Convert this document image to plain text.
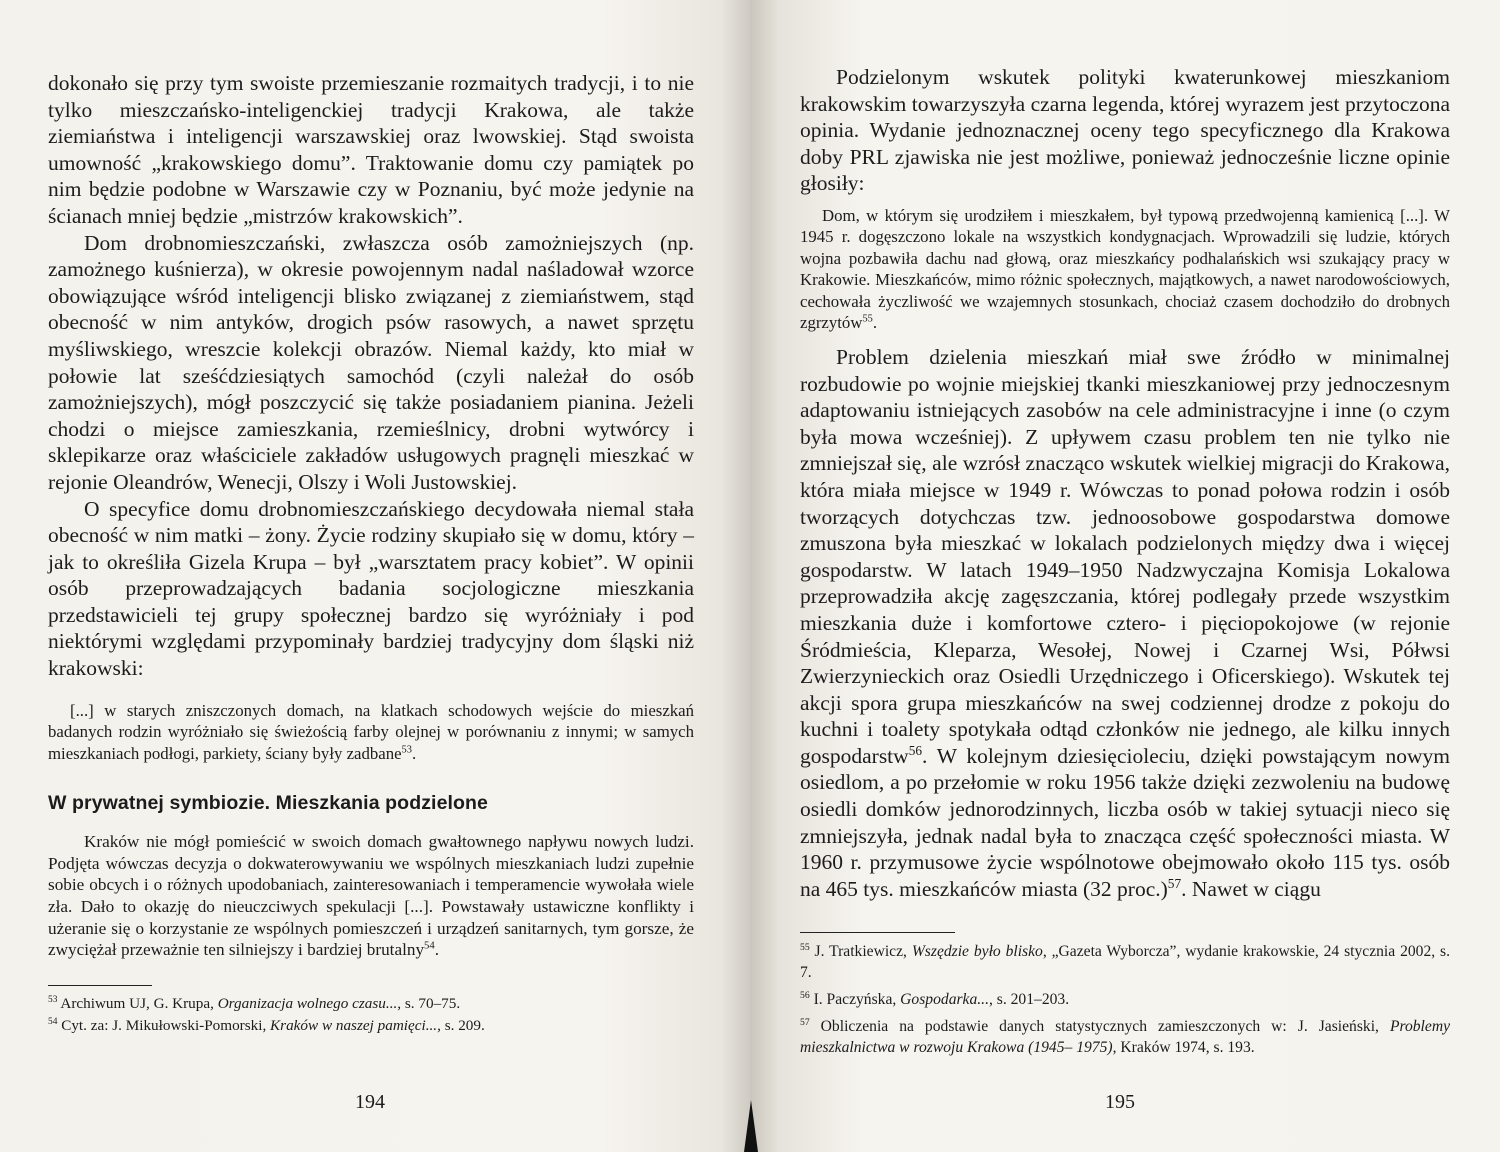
dokonało się przy tym swoiste przemieszanie rozmaitych tradycji, i to nie tylko mieszczańsko-inteligenckiej tradycji Krakowa, ale także ziemiaństwa i inteligencji warszawskiej oraz lwowskiej. Stąd swoista umowność „krakowskiego domu”. Traktowanie domu czy pamiątek po nim będzie podobne w Warszawie czy w Poznaniu, być może jedynie na ścianach mniej będzie „mistrzów krakowskich”.

Dom drobnomieszczański, zwłaszcza osób zamożniejszych (np. zamożnego kuśnierza), w okresie powojennym nadal naśladował wzorce obowiązujące wśród inteligencji blisko związanej z ziemiaństwem, stąd obecność w nim antyków, drogich psów rasowych, a nawet sprzętu myśliwskiego, wreszcie kolekcji obrazów. Niemal każdy, kto miał w połowie lat sześćdziesiątych samochód (czyli należał do osób zamożniejszych), mógł poszczycić się także posiadaniem pianina. Jeżeli chodzi o miejsce zamieszkania, rzemieślnicy, drobni wytwórcy i sklepikarze oraz właściciele zakładów usługowych pragnęli mieszkać w rejonie Oleandrów, Wenecji, Olszy i Woli Justowskiej.

O specyfice domu drobnomieszczańskiego decydowała niemal stała obecność w nim matki – żony. Życie rodziny skupiało się w domu, który – jak to określiła Gizela Krupa – był „warsztatem pracy kobiet”. W opinii osób przeprowadzających badania socjologiczne mieszkania przedstawicieli tej grupy społecznej bardzo się wyróżniały i pod niektórymi względami przypominały bardziej tradycyjny dom śląski niż krakowski:

[...] w starych zniszczonych domach, na klatkach schodowych wejście do mieszkań badanych rodzin wyróżniało się świeżością farby olejnej w porównaniu z innymi; w samych mieszkaniach podłogi, parkiety, ściany były zadbane$^{53}$.

W prywatnej symbiozie. Mieszkania podzielone

Kraków nie mógł pomieścić w swoich domach gwałtownego napływu nowych ludzi. Podjęta wówczas decyzja o dokwaterowywaniu we wspólnych mieszkaniach ludzi zupełnie sobie obcych i o różnych upodobaniach, zainteresowaniach i temperamencie wywołała wiele zła. Dało to okazję do nieuczciwych spekulacji [...]. Powstawały ustawiczne konflikty i użeranie się o korzystanie ze wspólnych pomieszczeń i urządzeń sanitarnych, tym gorsze, że zwyciężał przeważnie ten silniejszy i bardziej brutalny$^{54}$.

$^{53}$ Archiwum UJ, G. Krupa, Organizacja wolnego czasu..., s. 70–75.

$^{54}$ Cyt. za: J. Mikułowski-Pomorski, Kraków w naszej pamięci..., s. 209.

194

Podzielonym wskutek polityki kwaterunkowej mieszkaniom krakowskim towarzyszyła czarna legenda, której wyrazem jest przytoczona opinia. Wydanie jednoznacznej oceny tego specyficznego dla Krakowa doby PRL zjawiska nie jest możliwe, ponieważ jednocześnie liczne opinie głosiły:

Dom, w którym się urodziłem i mieszkałem, był typową przedwojenną kamienicą [...]. W 1945 r. dogęszczono lokale na wszystkich kondygnacjach. Wprowadzili się ludzie, których wojna pozbawiła dachu nad głową, oraz mieszkańcy podhalańskich wsi szukający pracy w Krakowie. Mieszkańców, mimo różnic społecznych, majątkowych, a nawet narodowościowych, cechowała życzliwość we wzajemnych stosunkach, chociaż czasem dochodziło do drobnych zgrzytów$^{55}$.

Problem dzielenia mieszkań miał swe źródło w minimalnej rozbudowie po wojnie miejskiej tkanki mieszkaniowej przy jednoczesnym adaptowaniu istniejących zasobów na cele administracyjne i inne (o czym była mowa wcześniej). Z upływem czasu problem ten nie tylko nie zmniejszał się, ale wzrósł znacząco wskutek wielkiej migracji do Krakowa, która miała miejsce w 1949 r. Wówczas to ponad połowa rodzin i osób tworzących dotychczas tzw. jednoosobowe gospodarstwa domowe zmuszona była mieszkać w lokalach podzielonych między dwa i więcej gospodarstw. W latach 1949–1950 Nadzwyczajna Komisja Lokalowa przeprowadziła akcję zagęszczania, której podlegały przede wszystkim mieszkania duże i komfortowe cztero- i pięciopokojowe (w rejonie Śródmieścia, Kleparza, Wesołej, Nowej i Czarnej Wsi, Półwsi Zwierzynieckich oraz Osiedli Urzędniczego i Oficerskiego). Wskutek tej akcji spora grupa mieszkańców na swej codziennej drodze z pokoju do kuchni i toalety spotykała odtąd członków nie jednego, ale kilku innych gospodarstw$^{56}$. W kolejnym dziesięcioleciu, dzięki powstającym nowym osiedlom, a po przełomie w roku 1956 także dzięki zezwoleniu na budowę osiedli domków jednorodzinnych, liczba osób w takiej sytuacji nieco się zmniejszyła, jednak nadal była to znacząca część społeczności miasta. W 1960 r. przymusowe życie wspólnotowe obejmowało około 115 tys. osób na 465 tys. mieszkańców miasta (32 proc.)$^{57}$. Nawet w ciągu

$^{55}$ J. Tratkiewicz, Wszędzie było blisko, „Gazeta Wyborcza”, wydanie krakowskie, 24 stycznia 2002, s. 7.

$^{56}$ I. Paczyńska, Gospodarka..., s. 201–203.

$^{57}$ Obliczenia na podstawie danych statystycznych zamieszczonych w: J. Jasieński, Problemy mieszkalnictwa w rozwoju Krakowa (1945– 1975), Kraków 1974, s. 193.

195
